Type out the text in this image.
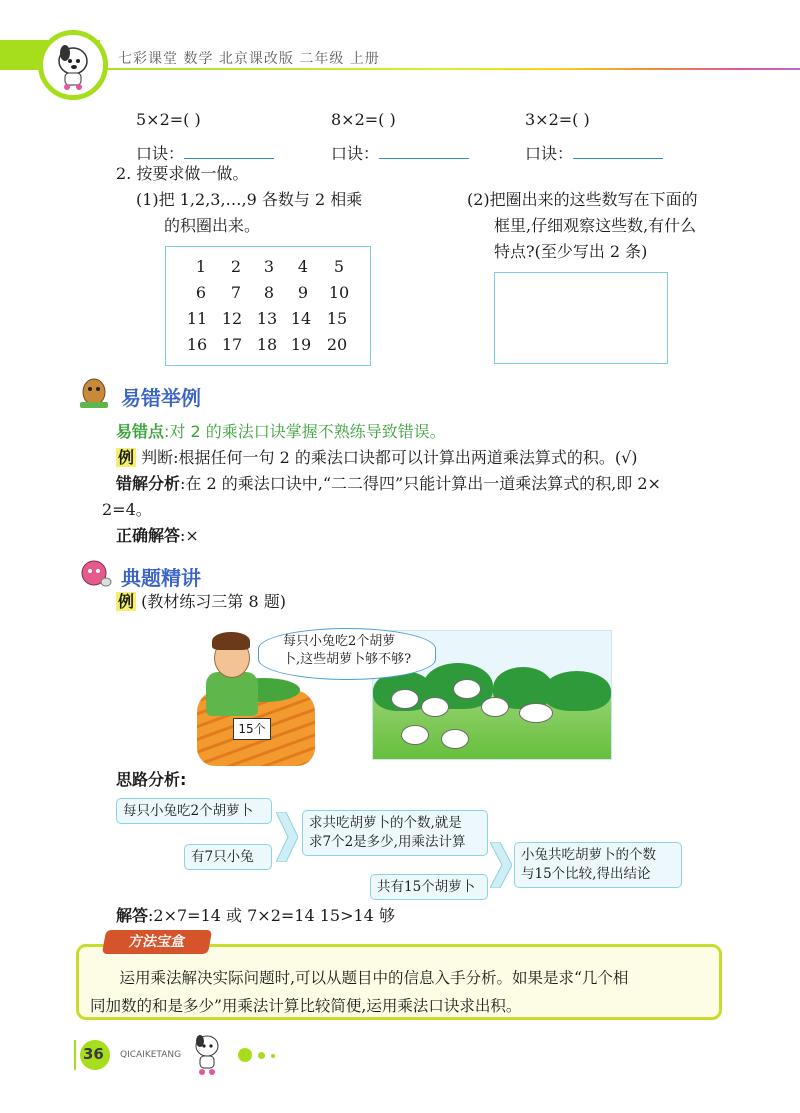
七彩课堂 数学 北京课改版 二年级 上册
5×2=( )	8×2=( )	3×2=( )
口诀：	口诀：	口诀：
2. 按要求做一做。
(1)把 1,2,3,…,9 各数与 2 相乘
的积圈出来。
(2)把圈出来的这些数写在下面的
框里,仔细观察这些数,有什么
特点?(至少写出 2 条)
1	2	3	4	5
6	7	8	9	10
11 12 13 14 15
16 17 18 19 20
易错举例
易错点:对 2 的乘法口诀掌握不熟练导致错误。
例 判断:根据任何一句 2 的乘法口诀都可以计算出两道乘法算式的积。(√)
错解分析:在 2 的乘法口诀中,“二二得四”只能计算出一道乘法算式的积,即 2×
2=4。
正确解答:×
典题精讲
例 (教材练习三第 8 题)
15个
每只小兔吃2个胡萝
卜,这些胡萝卜够不够?
思路分析:
每只小兔吃2个胡萝卜
有7只小兔
求共吃胡萝卜的个数,就是
求7个2是多少,用乘法计算
共有15个胡萝卜
小兔共吃胡萝卜的个数
与15个比较,得出结论
解答:2×7=14 或 7×2=14 15>14 够
方法宝盒
运用乘法解决实际问题时,可以从题目中的信息入手分析。如果是求“几个相
同加数的和是多少”用乘法计算比较简便,运用乘法口诀求出积。
36 QICAIKETANG
